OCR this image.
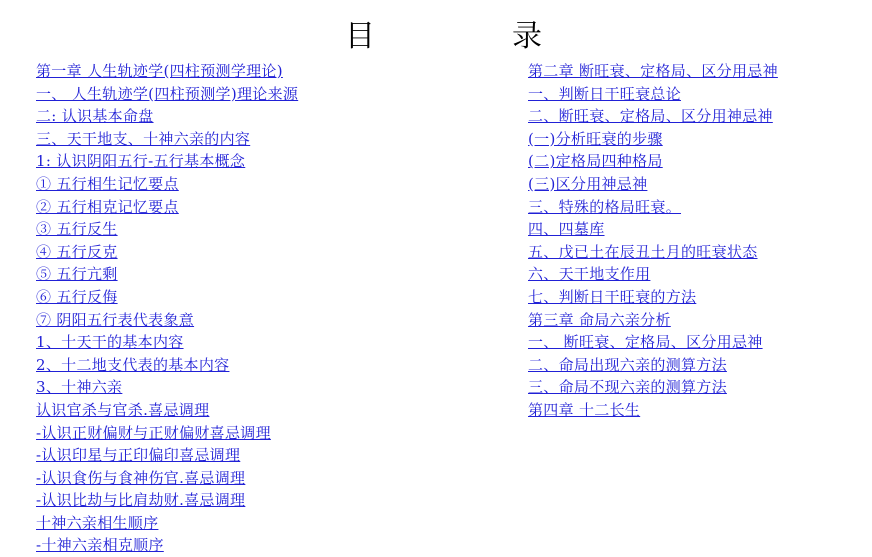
目	录
第一章 人生轨迹学(四柱预测学理论)
一、 人生轨迹学(四柱预测学)理论来源
二: 认识基本命盘
三、天干地支、十神六亲的内容
1: 认识阴阳五行-五行基本概念
① 五行相生记忆要点
② 五行相克记忆要点
③ 五行反生
④ 五行反克
⑤ 五行亢剩
⑥ 五行反侮
⑦ 阴阳五行表代表象意
1、十天干的基本内容
2、十二地支代表的基本内容
3、十神六亲
认识官杀与官杀.喜忌调理
-认识正财偏财与正财偏财喜忌调理
-认识印星与正印偏印喜忌调理
-认识食伤与食神伤官.喜忌调理
-认识比劫与比肩劫财.喜忌调理
十神六亲相生顺序
-十神六亲相克顺序
第二章 断旺衰、定格局、区分用忌神
一、判断日干旺衰总论
二、断旺衰、定格局、区分用神忌神
(一)分析旺衰的步骤
(二)定格局四种格局
(三)区分用神忌神
三、特殊的格局旺衰。
四、四墓库
五、戊已土在辰丑土月的旺衰状态
六、天干地支作用
七、判断日干旺衰的方法
第三章 命局六亲分析
一、 断旺衰、定格局、区分用忌神
二、命局出现六亲的测算方法
三、命局不现六亲的测算方法
第四章 十二长生
